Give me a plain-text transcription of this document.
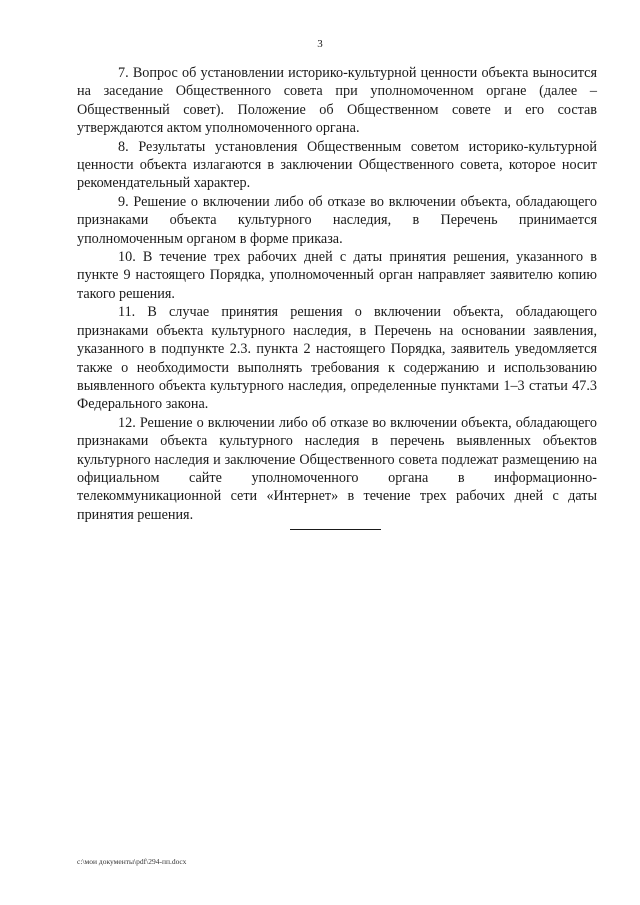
3

7. Вопрос об установлении историко-культурной ценности объекта выносится на заседание Общественного совета при уполномоченном органе (далее – Общественный совет). Положение об Общественном совете и его состав утверждаются актом уполномоченного органа.

8. Результаты установления Общественным советом историко-культурной ценности объекта излагаются в заключении Общественного совета, которое носит рекомендательный характер.

9. Решение о включении либо об отказе во включении объекта, обладающего признаками объекта культурного наследия, в Перечень принимается уполномоченным органом в форме приказа.

10. В течение трех рабочих дней с даты принятия решения, указанного в пункте 9 настоящего Порядка, уполномоченный орган направляет заявителю копию такого решения.

11. В случае принятия решения о включении объекта, обладающего признаками объекта культурного наследия, в Перечень на основании заявления, указанного в подпункте 2.3. пункта 2 настоящего Порядка, заявитель уведомляется также о необходимости выполнять требования к содержанию и использованию выявленного объекта культурного наследия, определенные пунктами 1–3 статьи 47.3 Федерального закона.

12. Решение о включении либо об отказе во включении объекта, обладающего признаками объекта культурного наследия в перечень выявленных объектов культурного наследия и заключение Общественного совета подлежат размещению на официальном сайте уполномоченного органа в информационно-телекоммуникационной сети «Интернет» в течение трех рабочих дней с даты принятия решения.

c:\мои документы\pdf\294-пп.docx
